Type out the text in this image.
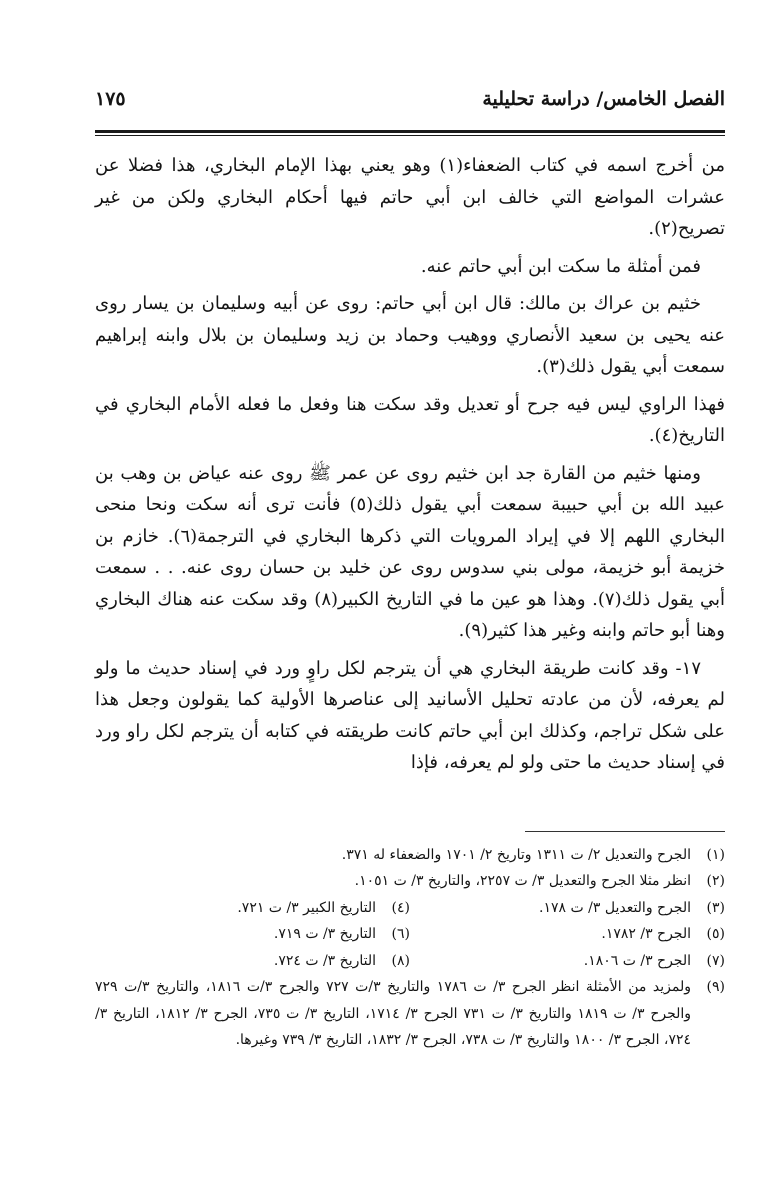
الفصل الخامس/ دراسة تحليلية
١٧٥

من أخرج اسمه في كتاب الضعفاء(١) وهو يعني بهذا الإمام البخاري، هذا فضلا عن عشرات المواضع التي خالف ابن أبي حاتم فيها أحكام البخاري ولكن من غير تصريح(٢).

فمن أمثلة ما سكت ابن أبي حاتم عنه.

خثيم بن عراك بن مالك: قال ابن أبي حاتم: روى عن أبيه وسليمان بن يسار روى عنه يحيى بن سعيد الأنصاري ووهيب وحماد بن زيد وسليمان بن بلال وابنه إبراهيم سمعت أبي يقول ذلك(٣).

فهذا الراوي ليس فيه جرح أو تعديل وقد سكت هنا وفعل ما فعله الأمام البخاري في التاريخ(٤).

ومنها خثيم من القارة جد ابن خثيم روى عن عمر ﷺ روى عنه عياض بن وهب بن عبيد الله بن أبي حبيبة سمعت أبي يقول ذلك(٥) فأنت ترى أنه سكت ونحا منحى البخاري اللهم إلا في إيراد المرويات التي ذكرها البخاري في الترجمة(٦). خازم بن خزيمة أبو خزيمة، مولى بني سدوس روى عن خليد بن حسان روى عنه. . . سمعت أبي يقول ذلك(٧). وهذا هو عين ما في التاريخ الكبير(٨) وقد سكت عنه هناك البخاري وهنا أبو حاتم وابنه وغير هذا كثير(٩).

١٧- وقد كانت طريقة البخاري هي أن يترجم لكل راوٍ ورد في إسناد حديث ما ولو لم يعرفه، لأن من عادته تحليل الأسانيد إلى عناصرها الأولية كما يقولون وجعل هذا على شكل تراجم، وكذلك ابن أبي حاتم كانت طريقته في كتابه أن يترجم لكل راو ورد في إسناد حديث ما حتى ولو لم يعرفه، فإذا

(١)
الجرح والتعديل ٢/ ت ١٣١١ وتاريخ ٢/ ١٧٠١ والضعفاء له ٣٧١.
(٢)
انظر مثلا الجرح والتعديل ٣/ ت ٢٢٥٧، والتاريخ ٣/ ت ١٠٥١.
(٣)
الجرح والتعديل ٣/ ت ١٧٨.
(٤)
التاريخ الكبير ٣/ ت ٧٢١.
(٥)
الجرح ٣/ ١٧٨٢.
(٦)
التاريخ ٣/ ت ٧١٩.
(٧)
الجرح ٣/ ت ١٨٠٦.
(٨)
التاريخ ٣/ ت ٧٢٤.
(٩)
ولمزيد من الأمثلة انظر الجرح ٣/ ت ١٧٨٦ والتاريخ ٣/ت ٧٢٧ والجرح ٣/ت ١٨١٦، والتاريخ ٣/ت ٧٢٩ والجرح ٣/ ت ١٨١٩ والتاريخ ٣/ ت ٧٣١ الجرح ٣/ ١٧١٤، التاريخ ٣/ ت ٧٣٥، الجرح ٣/ ١٨١٢، التاريخ ٣/ ٧٢٤، الجرح ٣/ ١٨٠٠ والتاريخ ٣/ ت ٧٣٨، الجرح ٣/ ١٨٣٢، التاريخ ٣/ ٧٣٩ وغيرها.
